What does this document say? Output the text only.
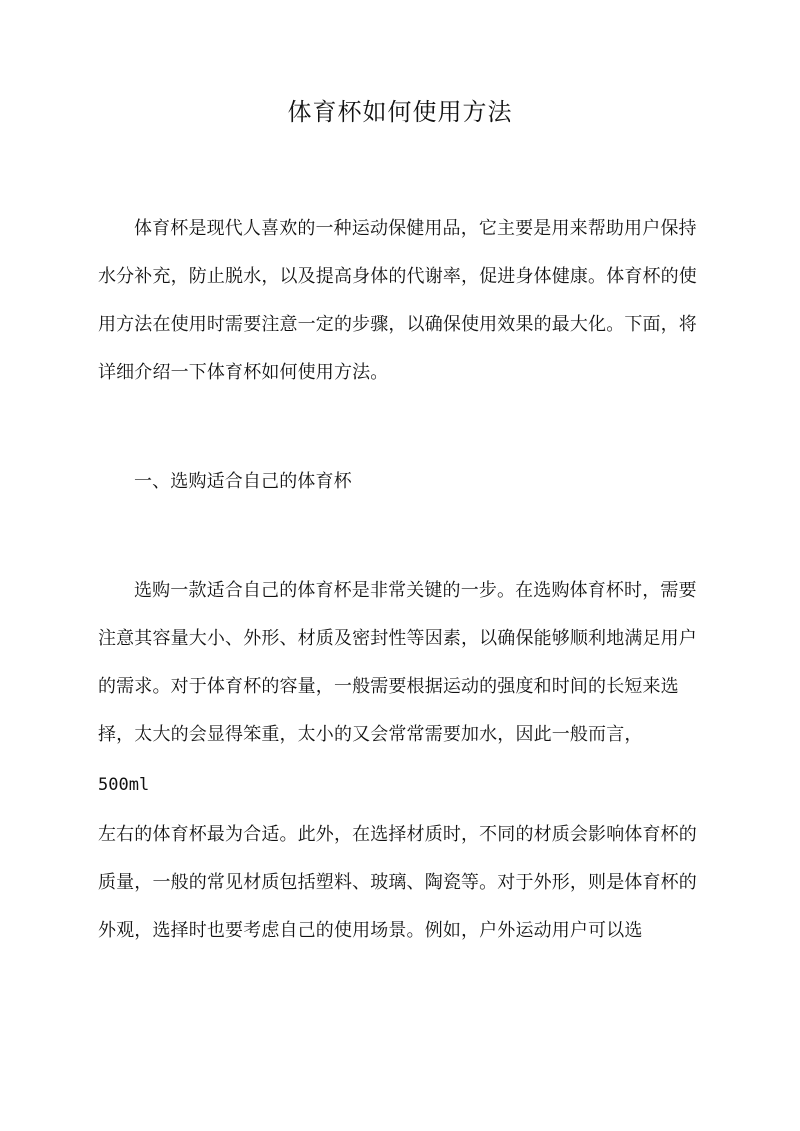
体育杯如何使用方法
体育杯是现代人喜欢的一种运动保健用品，它主要是用来帮助用户保持水分补充，防止脱水，以及提高身体的代谢率，促进身体健康。体育杯的使用方法在使用时需要注意一定的步骤，以确保使用效果的最大化。下面，将详细介绍一下体育杯如何使用方法。
一、选购适合自己的体育杯
选购一款适合自己的体育杯是非常关键的一步。在选购体育杯时，需要注意其容量大小、外形、材质及密封性等因素，以确保能够顺利地满足用户的需求。对于体育杯的容量，一般需要根据运动的强度和时间的长短来选择，太大的会显得笨重，太小的又会常常需要加水，因此一般而言，
500ml
左右的体育杯最为合适。此外，在选择材质时，不同的材质会影响体育杯的质量，一般的常见材质包括塑料、玻璃、陶瓷等。对于外形，则是体育杯的外观，选择时也要考虑自己的使用场景。例如，户外运动用户可以选
